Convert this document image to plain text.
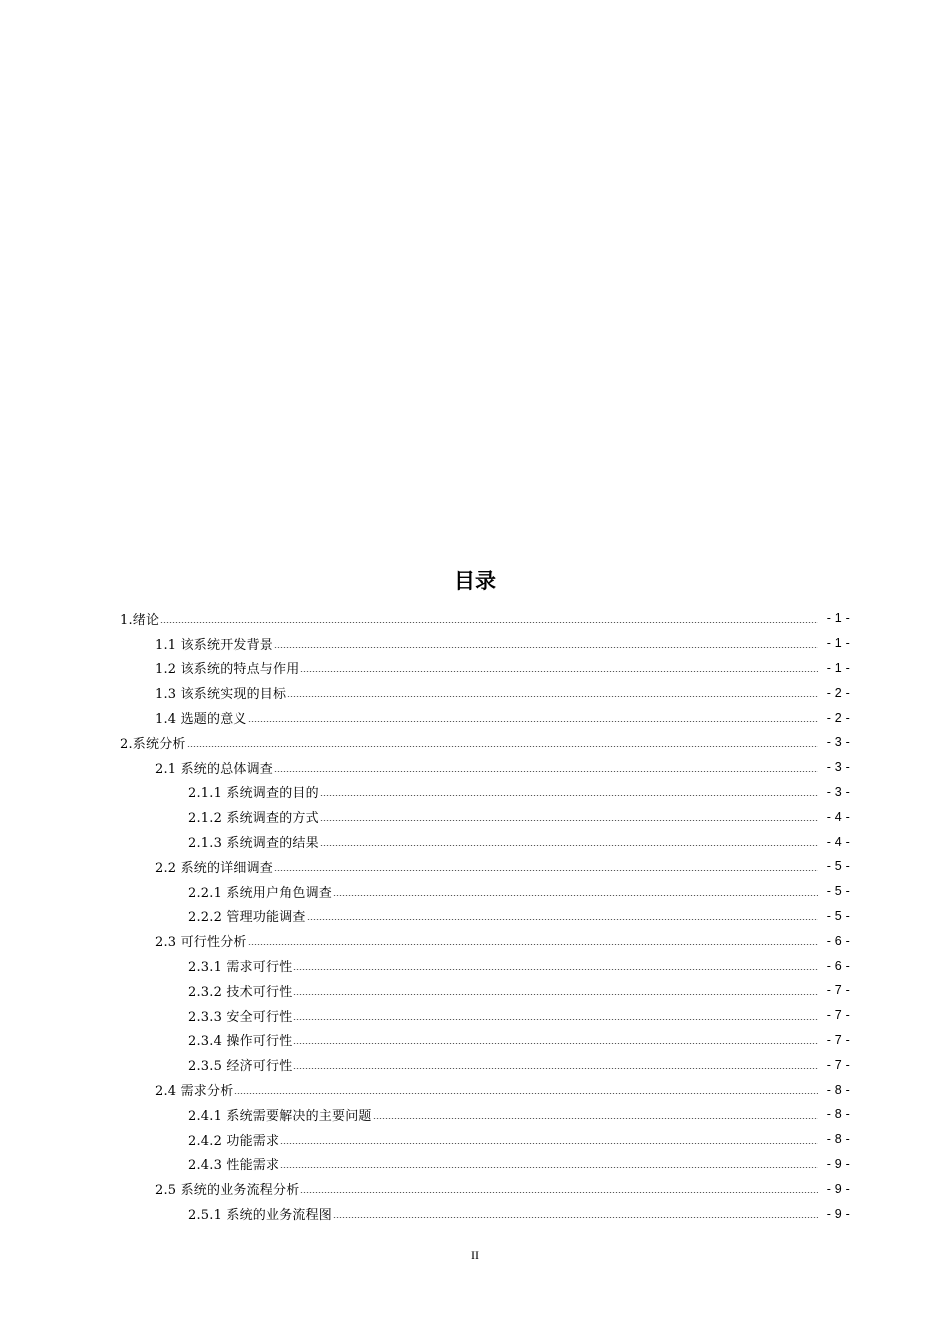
目录
1.绪论	- 1 -
1.1 该系统开发背景	- 1 -
1.2 该系统的特点与作用	- 1 -
1.3 该系统实现的目标	- 2 -
1.4 选题的意义	- 2 -
2.系统分析	- 3 -
2.1 系统的总体调查	- 3 -
2.1.1 系统调查的目的	- 3 -
2.1.2 系统调查的方式	- 4 -
2.1.3 系统调查的结果	- 4 -
2.2 系统的详细调查	- 5 -
2.2.1 系统用户角色调查	- 5 -
2.2.2 管理功能调查	- 5 -
2.3 可行性分析	- 6 -
2.3.1 需求可行性	- 6 -
2.3.2 技术可行性	- 7 -
2.3.3 安全可行性	- 7 -
2.3.4 操作可行性	- 7 -
2.3.5 经济可行性	- 7 -
2.4 需求分析	- 8 -
2.4.1 系统需要解决的主要问题	- 8 -
2.4.2 功能需求	- 8 -
2.4.3 性能需求	- 9 -
2.5 系统的业务流程分析	- 9 -
2.5.1 系统的业务流程图	- 9 -
II
